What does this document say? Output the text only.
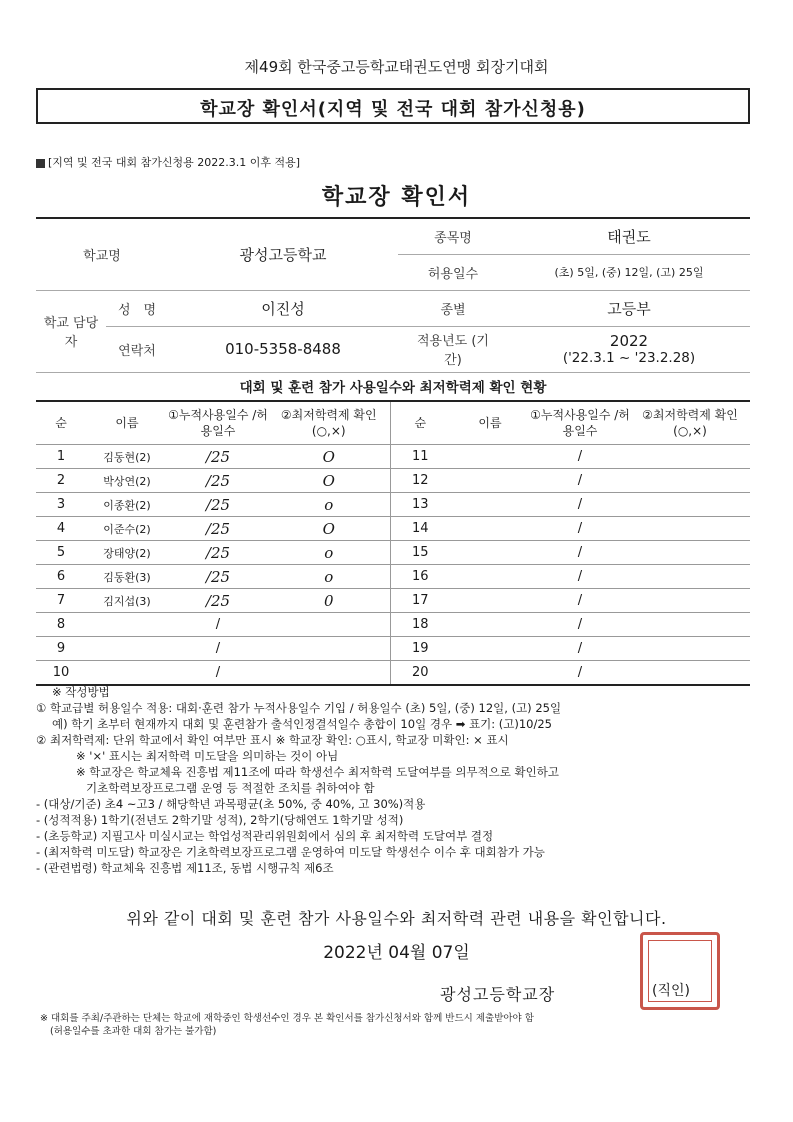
제49회 한국중고등학교태권도연맹 회장기대회
학교장 확인서(지역 및 전국 대회 참가신청용)
[지역 및 전국 대회 참가신청용 2022.3.1 이후 적용]
학교장 확인서
학교명		광성고등학교	종목명	태권도
			허용일수	(초) 5일, (중) 12일, (고) 25일
학교 담당자	성　명	이진성	종별	고등부
	연락처	010-5358-8488	적용년도 (기간)	2022
('22.3.1 ~ '23.2.28)
대회 및 훈련 참가 사용일수와 최저학력제 확인 현황
순	이름	①누적사용일수 /허용일수	②최저학력제 확인(○,×)	순	이름	①누적사용일수 /허용일수	②최저학력제 확인(○,×)
1	김동현(2)	/25	O	11		/	
2	박상연(2)	/25	O	12		/	
3	이종환(2)	/25	o	13		/	
4	이준수(2)	/25	O	14		/	
5	장태양(2)	/25	o	15		/	
6	김동환(3)	/25	o	16		/	
7	김지섭(3)	/25	0	17		/	
8		/		18		/	
9		/		19		/	
10		/		20		/	
※ 작성방법
① 학교급별 허용일수 적용: 대회·훈련 참가 누적사용일수 기입 / 허용일수 (초) 5일, (중) 12일, (고) 25일
예) 학기 초부터 현재까지 대회 및 훈련참가 출석인정결석일수 총합이 10일 경우 ➡ 표기: (고)10/25
② 최저학력제: 단위 학교에서 확인 여부만 표시 ※ 학교장 확인: ○표시, 학교장 미확인: × 표시
※ '×' 표시는 최저학력 미도달을 의미하는 것이 아님
※ 학교장은 학교체육 진흥법 제11조에 따라 학생선수 최저학력 도달여부를 의무적으로 확인하고
기초학력보장프로그램 운영 등 적절한 조치를 취하여야 함
- (대상/기준) 초4 ~고3 / 해당학년 과목평균(초 50%, 중 40%, 고 30%)적용
- (성적적용) 1학기(전년도 2학기말 성적), 2학기(당해연도 1학기말 성적)
- (초등학교) 지필고사 미실시교는 학업성적관리위원회에서 심의 후 최저학력 도달여부 결정
- (최저학력 미도달) 학교장은 기초학력보장프로그램 운영하여 미도달 학생선수 이수 후 대회참가 가능
- (관련법령) 학교체육 진흥법 제11조, 동법 시행규칙 제6조
위와 같이 대회 및 훈련 참가 사용일수와 최저학력 관련 내용을 확인합니다.
2022년 04월 07일
광성고등학교장	(직인)
※ 대회를 주최/주관하는 단체는 학교에 재학중인 학생선수인 경우 본 확인서를 참가신청서와 함께 반드시 제출받아야 함
(허용일수를 초과한 대회 참가는 불가함)
